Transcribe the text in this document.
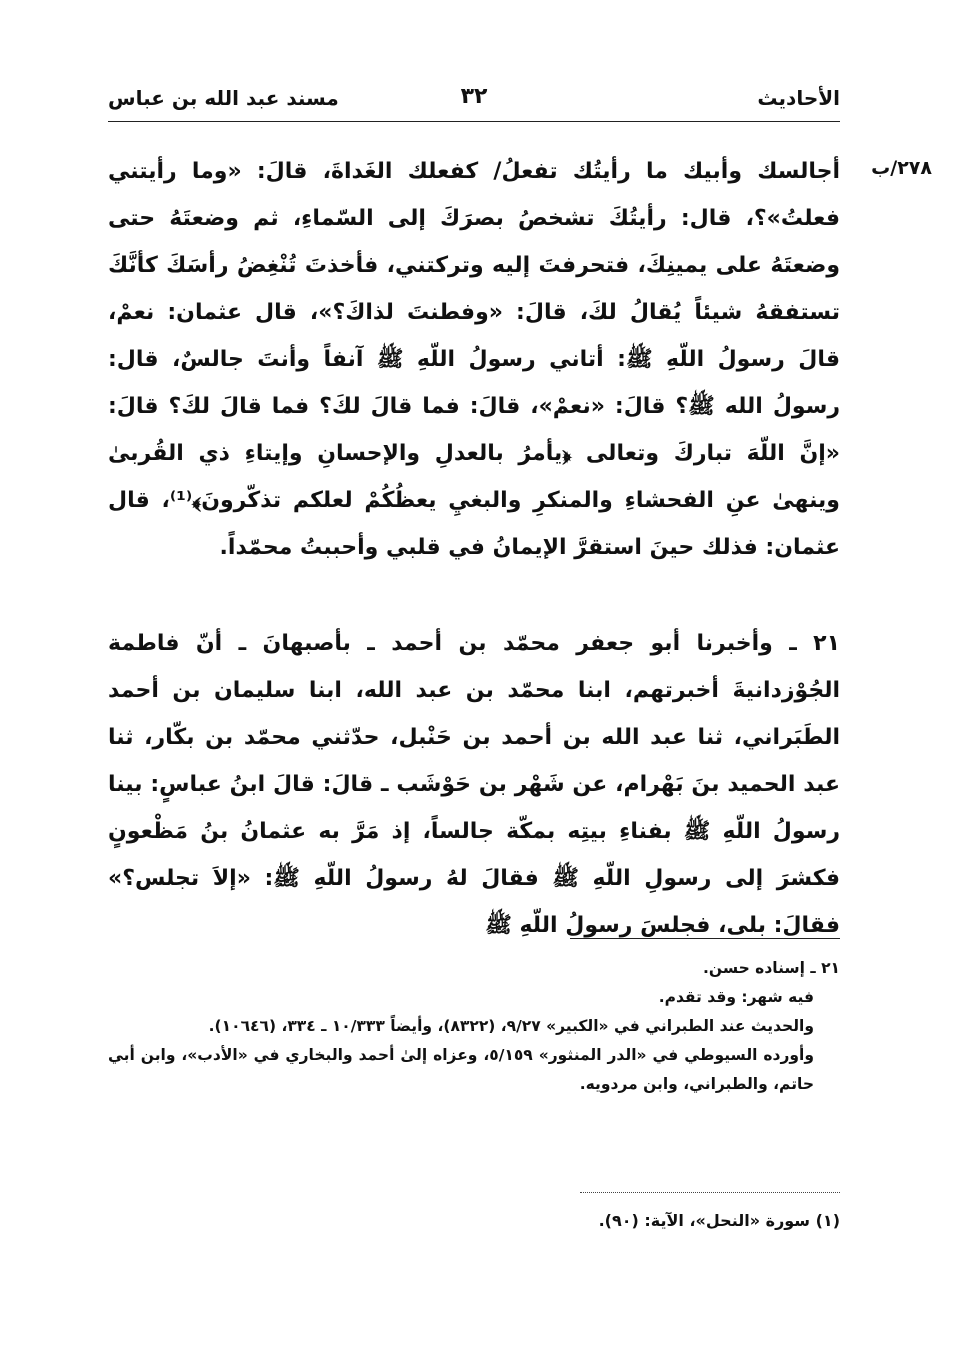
مسند عبد الله بن عباس	٣٢	الأحاديث
٢٧٨/ب

أجالسك وأبيك ما رأيتُك تفعلُ/ كفعلك الغَداةَ، قالَ: «وما رأيتني فعلتُ»؟، قال: رأيتُكَ تشخصُ بصرَكَ إلى السّماءِ، ثم وضعتَهُ حتى وضعتَهُ على يمينِكَ، فتحرفتَ إليه وتركتني، فأخذتَ تُنْغِضُ رأسَكَ كأنَّكَ تستفقهُ شيئاً يُقالُ لكَ، قالَ: «وفطنتَ لذاكَ؟»، قال عثمان: نعمْ، قالَ رسولُ اللّهِ ﷺ: أتاني رسولُ اللّهِ ﷺ آنفاً وأنتَ جالسٌ، قال: رسولُ الله ﷺ؟ قالَ: «نعمْ»، قالَ: فما قالَ لكَ؟ فما قالَ لكَ؟ قالَ: «إنَّ اللّهَ تباركَ وتعالى ﴿يأمرُ بالعدلِ والإحسانِ وإيتاءِ ذي القُربىٰ وينهىٰ عنِ الفحشاءِ والمنكرِ والبغيِ يعظُكُمْ لعلكم تذكّرونَ﴾⁽¹⁾، قال عثمان: فذلك حينَ استقرَّ الإيمانُ في قلبي وأحببتُ محمّداً.

٢١ ـ وأخبرنا أبو جعفر محمّد بن أحمد ـ بأصبهانَ ـ أنّ فاطمة الجُوْزدانيةَ أخبرتهم، ابنا محمّد بن عبد الله، ابنا سليمان بن أحمد الطَبَراني، ثنا عبد الله بن أحمد بن حَنْبل، حدّثني محمّد بن بكّار، ثنا عبد الحميد بنَ بَهْرام، عن شَهْر بن حَوْشَب ـ قالَ: قالَ ابنُ عباسٍ: بينا رسولُ اللّهِ ﷺ بفناءِ بيتِه بمكّة جالساً، إذ مَرَّ به عثمانُ بنُ مَظْعونٍ فكشرَ إلى رسولِ اللّهِ ﷺ فقالَ لهُ رسولُ اللّهِ ﷺ: «إلاَ تجلس؟» فقالَ: بلى، فجلسَ رسولُ اللّهِ ﷺ

٢١ ـ إسناده حسن.

فيه شهر: وقد تقدم.

والحديث عند الطبراني في «الكبير» ٩/٢٧، (٨٣٢٢)، وأيضاً ١٠/٣٣٣ ـ ٣٣٤، (١٠٦٤٦).

وأورده السيوطي في «الدر المنثور» ٥/١٥٩، وعزاه إلىٰ أحمد والبخاري في «الأدب»، وابن أبي حاتم، والطبراني، وابن مردويه.

(١) سورة «النحل»، الآية: (٩٠).
